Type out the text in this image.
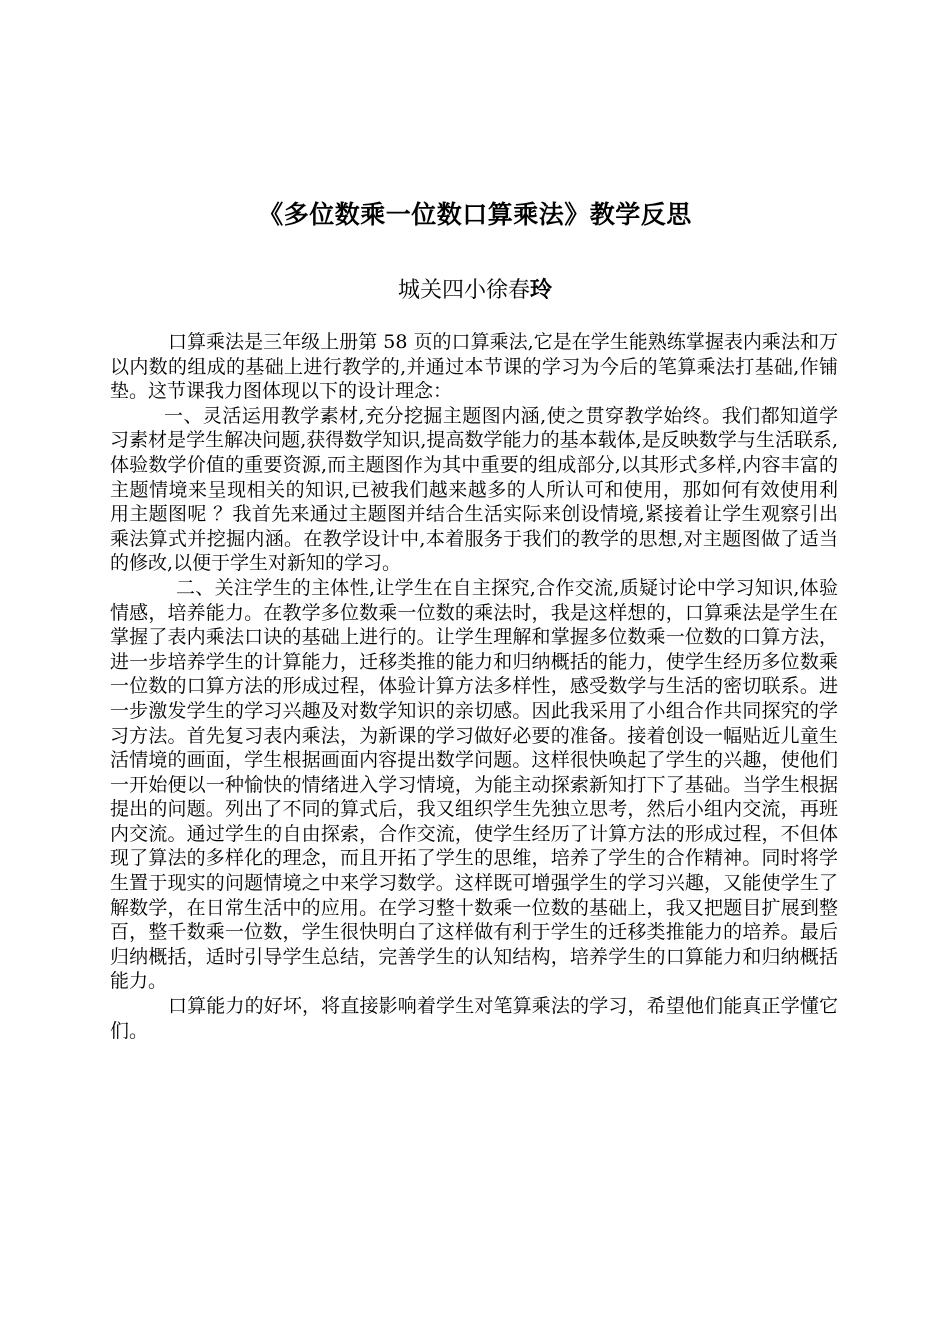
《多位数乘一位数口算乘法》教学反思

城关四小徐春玲

口算乘法是三年级上册第 58 页的口算乘法,它是在学生能熟练掌握表内乘法和万以内数的组成的基础上进行教学的,并通过本节课的学习为今后的笔算乘法打基础,作铺垫。这节课我力图体现以下的设计理念：

一、灵活运用教学素材,充分挖掘主题图内涵,使之贯穿教学始终。我们都知道学习素材是学生解决问题,获得数学知识,提高数学能力的基本载体,是反映数学与生活联系,体验数学价值的重要资源,而主题图作为其中重要的组成部分,以其形式多样,内容丰富的主题情境来呈现相关的知识,已被我们越来越多的人所认可和使用，那如何有效使用利用主题图呢 ？我首先来通过主题图并结合生活实际来创设情境,紧接着让学生观察引出乘法算式并挖掘内涵。在教学设计中,本着服务于我们的教学的思想,对主题图做了适当的修改,以便于学生对新知的学习。

二、关注学生的主体性,让学生在自主探究,合作交流,质疑讨论中学习知识,体验情感，培养能力。在教学多位数乘一位数的乘法时，我是这样想的，口算乘法是学生在掌握了表内乘法口诀的基础上进行的。让学生理解和掌握多位数乘一位数的口算方法，进一步培养学生的计算能力，迁移类推的能力和归纳概括的能力，使学生经历多位数乘一位数的口算方法的形成过程，体验计算方法多样性，感受数学与生活的密切联系。进一步激发学生的学习兴趣及对数学知识的亲切感。因此我采用了小组合作共同探究的学习方法。首先复习表内乘法，为新课的学习做好必要的准备。接着创设一幅贴近儿童生活情境的画面，学生根据画面内容提出数学问题。这样很快唤起了学生的兴趣，使他们一开始便以一种愉快的情绪进入学习情境，为能主动探索新知打下了基础。当学生根据提出的问题。列出了不同的算式后，我又组织学生先独立思考，然后小组内交流，再班内交流。通过学生的自由探索，合作交流，使学生经历了计算方法的形成过程，不但体现了算法的多样化的理念，而且开拓了学生的思维，培养了学生的合作精神。同时将学生置于现实的问题情境之中来学习数学。这样既可增强学生的学习兴趣，又能使学生了解数学，在日常生活中的应用。在学习整十数乘一位数的基础上，我又把题目扩展到整百，整千数乘一位数，学生很快明白了这样做有利于学生的迁移类推能力的培养。最后归纳概括，适时引导学生总结，完善学生的认知结构，培养学生的口算能力和归纳概括能力。

口算能力的好坏，将直接影响着学生对笔算乘法的学习，希望他们能真正学懂它们。
